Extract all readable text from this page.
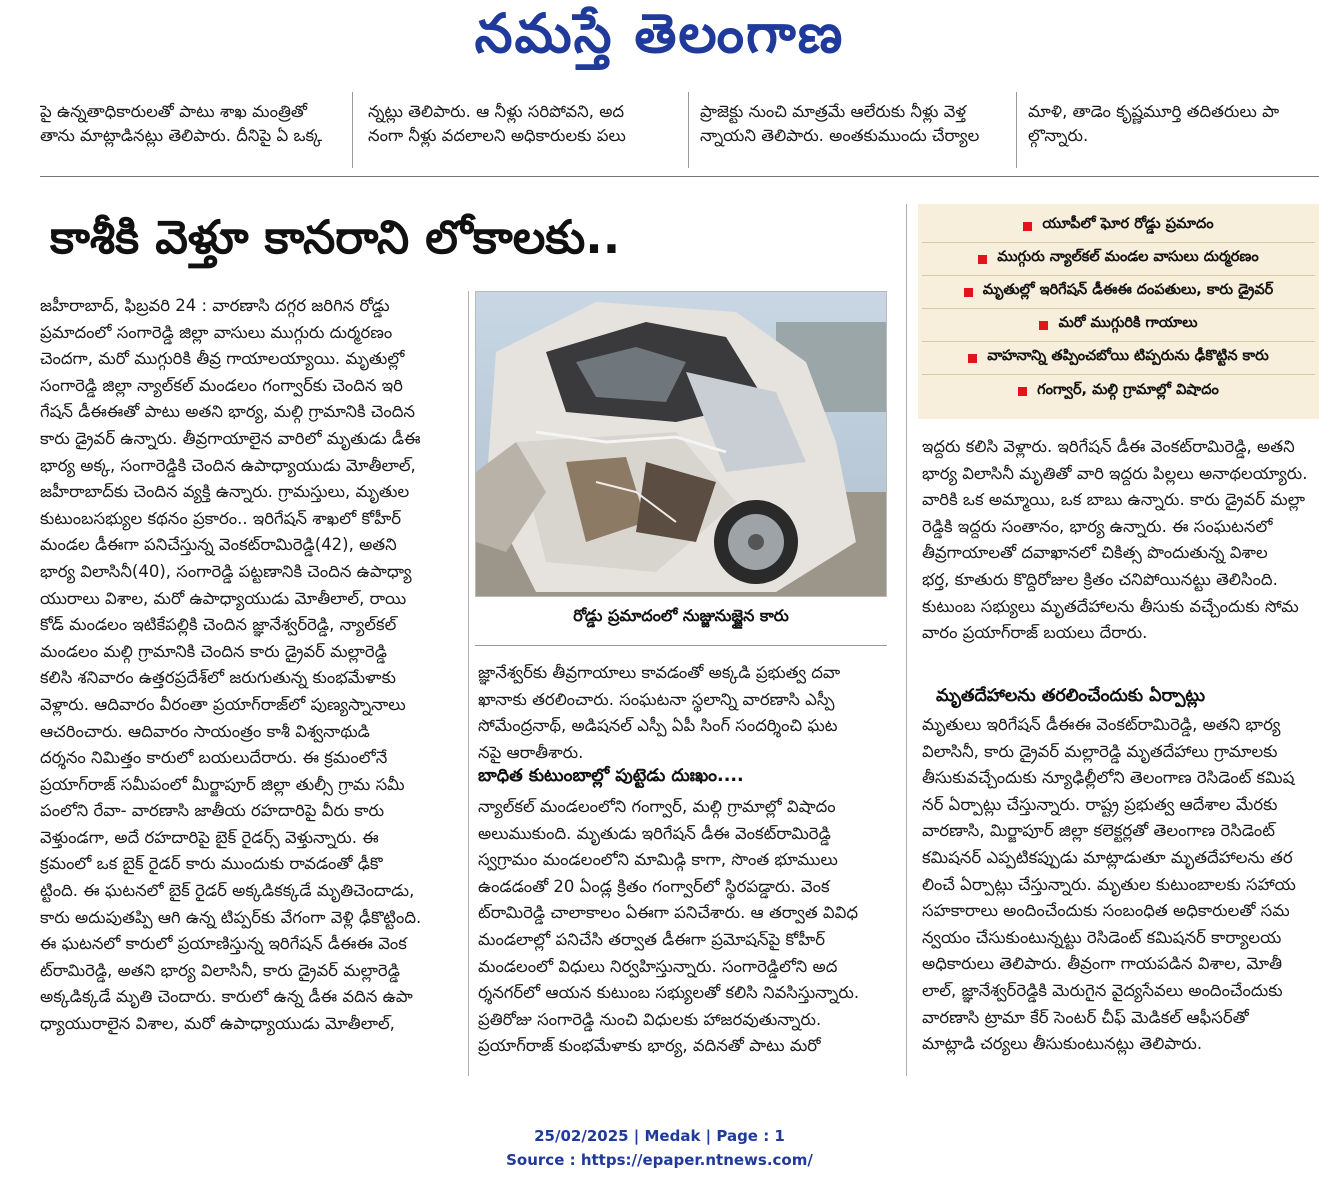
నమస్తే తెలంగాణ

పై ఉన్నతాధికారులతో పాటు శాఖ మంత్రితో

తాను మాట్లాడినట్లు తెలిపారు. దీనిపై ఏ ఒక్క

న్నట్లు తెలిపారు. ఆ నీళ్లు సరిపోవని, అద

నంగా నీళ్లు వదలాలని అధికారులకు పలు

ప్రాజెక్టు నుంచి మాత్రమే ఆలేరుకు నీళ్లు వెళ్త

న్నాయని తెలిపారు. అంతకుముందు చేర్యాల

మాళి, తాడెం కృష్ణమూర్తి తదితరులు పా

ల్గొన్నారు.

కాశీకి వెళ్తూ కానరాని లోకాలకు..	యూపీలో ఘోర రోడ్డు ప్రమాదం
ముగ్గురు న్యాల్‌కల్ మండల వాసులు దుర్మరణం
మృతుల్లో ఇరిగేషన్ డీఈఈ దంపతులు, కారు డ్రైవర్
మరో ముగ్గురికి గాయాలు
వాహనాన్ని తప్పించబోయి టిప్పరును ఢీకొట్టిన కారు
గంగ్వార్, మల్గి గ్రామాల్లో విషాదం

జహీరాబాద్, ఫిబ్రవరి 24 : వారణాసి దగ్గర జరిగిన రోడ్డు

ప్రమాదంలో సంగారెడ్డి జిల్లా వాసులు ముగ్గురు దుర్మరణం

చెందగా, మరో ముగ్గురికి తీవ్ర గాయాలయ్యాయి. మృతుల్లో

సంగారెడ్డి జిల్లా న్యాల్‌కల్ మండలం గంగ్వార్‌కు చెందిన ఇరి

గేషన్ డీఈఈతో పాటు అతని భార్య, మల్గి గ్రామానికి చెందిన

కారు డ్రైవర్ ఉన్నారు. తీవ్రగాయాలైన వారిలో మృతుడు డీఈ

భార్య అక్క, సంగారెడ్డికి చెందిన ఉపాధ్యాయుడు మోతీలాల్,

జహీరాబాద్‌కు చెందిన వ్యక్తి ఉన్నారు. గ్రామస్తులు, మృతుల

కుటుంబసభ్యుల కథనం ప్రకారం.. ఇరిగేషన్ శాఖలో కోహీర్

మండల డీఈగా పనిచేస్తున్న వెంకట్‌రామిరెడ్డి(42), అతని

భార్య విలాసినీ(40), సంగారెడ్డి పట్టణానికి చెందిన ఉపాధ్యా

యురాలు విశాల, మరో ఉపాధ్యాయుడు మోతీలాల్, రాయి

కోడ్ మండలం ఇటికేపల్లికి చెందిన జ్ఞానేశ్వర్‌రెడ్డి, న్యాల్‌కల్

మండలం మల్గి గ్రామానికి చెందిన కారు డ్రైవర్ మల్లారెడ్డి

కలిసి శనివారం ఉత్తరప్రదేశ్‌లో జరుగుతున్న కుంభమేళాకు

వెళ్లారు. ఆదివారం వీరంతా ప్రయాగ్‌రాజ్‌లో పుణ్యస్నానాలు

ఆచరించారు. ఆదివారం సాయంత్రం కాశీ విశ్వనాథుడి

దర్శనం నిమిత్తం కారులో బయలుదేరారు. ఈ క్రమంలోనే

ప్రయాగ్‌రాజ్ సమీపంలో మీర్జాపూర్ జిల్లా తుల్సీ గ్రామ సమీ

పంలోని రేవా- వారణాసి జాతీయ రహదారిపై వీరు కారు

వెళ్తుండగా, అదే రహదారిపై బైక్ రైడర్స్ వెళ్తున్నారు. ఈ

క్రమంలో ఒక బైక్ రైడర్ కారు ముందుకు రావడంతో ఢీకొ

ట్టింది. ఈ ఘటనలో బైక్ రైడర్ అక్కడికక్కడే మృతిచెందాడు,

కారు అదుపుతప్పి ఆగి ఉన్న టిప్పర్‌కు వేగంగా వెళ్లి ఢీకొట్టింది.

ఈ ఘటనలో కారులో ప్రయాణిస్తున్న ఇరిగేషన్ డీఈఈ వెంక

ట్‌రామిరెడ్డి, అతని భార్య విలాసినీ, కారు డ్రైవర్ మల్లారెడ్డి

అక్కడిక్కడే మృతి చెందారు. కారులో ఉన్న డీఈ వదిన ఉపా

ధ్యాయురాలైన విశాల, మరో ఉపాధ్యాయుడు మోతీలాల్,

రోడ్డు ప్రమాదంలో నుజ్జునుజ్జైన కారు

జ్ఞానేశ్వర్‌కు తీవ్రగాయాలు కావడంతో అక్కడి ప్రభుత్వ దవా

ఖానాకు తరలించారు. సంఘటనా స్థలాన్ని వారణాసి ఎస్పీ

సోమేంద్రనాథ్, అడిషనల్ ఎస్పీ ఏపీ సింగ్ సందర్శించి ఘట

నపై ఆరాతీశారు.

బాధిత కుటుంబాల్లో పుట్టెడు దుఃఖం....

న్యాల్‌కల్ మండలంలోని గంగ్వార్, మల్గి గ్రామాల్లో విషాదం

అలుముకుంది. మృతుడు ఇరిగేషన్ డీఈ వెంకట్‌రామిరెడ్డి

స్వగ్రామం మండలంలోని మామిడ్గి కాగా, సొంత భూములు

ఉండడంతో 20 ఏండ్ల క్రితం గంగ్వార్‌లో స్థిరపడ్డారు. వెంక

ట్‌రామిరెడ్డి చాలాకాలం ఏఈగా పనిచేశారు. ఆ తర్వాత వివిధ

మండలాల్లో పనిచేసి తర్వాత డీఈగా ప్రమోషన్‌పై కోహీర్

మండలంలో విధులు నిర్వహిస్తున్నారు. సంగారెడ్డిలోని అద

ర్శనగర్‌లో ఆయన కుటుంబ సభ్యులతో కలిసి నివసిస్తున్నారు.

ప్రతిరోజు సంగారెడ్డి నుంచి విధులకు హాజరవుతున్నారు.

ప్రయాగ్‌రాజ్ కుంభమేళాకు భార్య, వదినతో పాటు మరో

ఇద్దరు కలిసి వెళ్లారు. ఇరిగేషన్ డీఈ వెంకట్‌రామిరెడ్డి, అతని

భార్య విలాసినీ మృతితో వారి ఇద్దరు పిల్లలు అనాథలయ్యారు.

వారికి ఒక అమ్మాయి, ఒక బాబు ఉన్నారు. కారు డ్రైవర్ మల్లా

రెడ్డికి ఇద్దరు సంతానం, భార్య ఉన్నారు. ఈ సంఘటనలో

తీవ్రగాయాలతో దవాఖానలో చికిత్స పొందుతున్న విశాల

భర్త, కూతురు కొద్దిరోజుల క్రితం చనిపోయినట్టు తెలిసింది.

కుటుంబ సభ్యులు మృతదేహాలను తీసుకు వచ్చేందుకు సోమ

వారం ప్రయాగ్‌రాజ్ బయలు దేరారు.

మృతదేహాలను తరలించేందుకు ఏర్పాట్లు

మృతులు ఇరిగేషన్ డీఈఈ వెంకట్‌రామిరెడ్డి, అతని భార్య

విలాసినీ, కారు డ్రైవర్ మల్లారెడ్డి మృతదేహాలు గ్రామాలకు

తీసుకువచ్చేందుకు న్యూఢిల్లీలోని తెలంగాణ రెసిడెంట్ కమిష

నర్ ఏర్పాట్లు చేస్తున్నారు. రాష్ట్ర ప్రభుత్వ ఆదేశాల మేరకు

వారణాసి, మిర్జాపూర్ జిల్లా కలెక్టర్లతో తెలంగాణ రెసిడెంట్

కమిషనర్ ఎప్పటికప్పుడు మాట్లాడుతూ మృతదేహాలను తర

లించే ఏర్పాట్లు చేస్తున్నారు. మృతుల కుటుంబాలకు సహాయ

సహకారాలు అందించేందుకు సంబంధిత అధికారులతో సమ

న్వయం చేసుకుంటున్నట్టు రెసిడెంట్ కమిషనర్ కార్యాలయ

అధికారులు తెలిపారు. తీవ్రంగా గాయపడిన విశాల, మోతీ

లాల్, జ్ఞానేశ్వర్‌రెడ్డికి మెరుగైన వైద్యసేవలు అందించేందుకు

వారణాసి ట్రామా కేర్ సెంటర్ చీఫ్ మెడికల్ ఆఫీసర్‌తో

మాట్లాడి చర్యలు తీసుకుంటునట్లు తెలిపారు.

25/02/2025 | Medak | Page : 1
Source : https://epaper.ntnews.com/
